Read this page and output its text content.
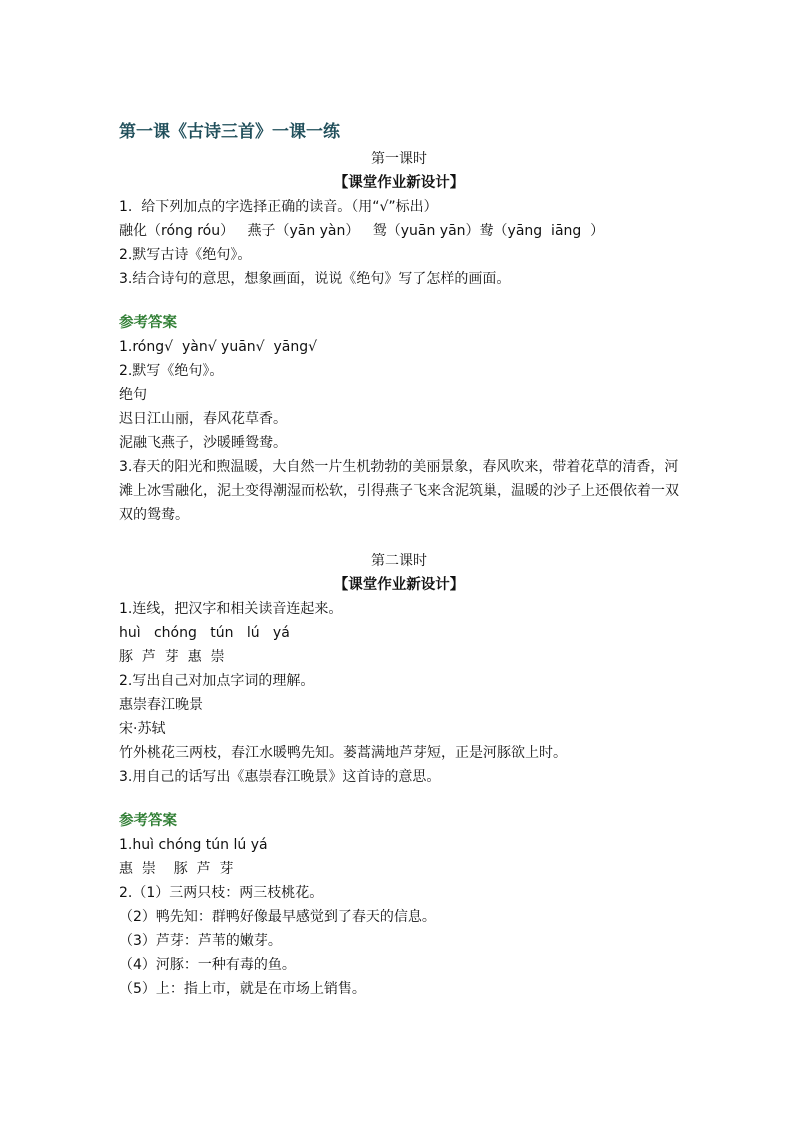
第一课《古诗三首》一课一练
第一课时
【课堂作业新设计】

1.  给下列加点的字选择正确的读音。（用“√”标出）

融化（róng róu）   燕子（yān yàn）   鸳（yuān yān）鸯（yāng  iāng  ）

2.默写古诗《绝句》。

3.结合诗句的意思，想象画面，说说《绝句》写了怎样的画面。

参考答案

1.róng√  yàn√ yuān√  yāng√

2.默写《绝句》。

绝句

迟日江山丽，春风花草香。

泥融飞燕子，沙暖睡鸳鸯。

3.春天的阳光和煦温暖，大自然一片生机勃勃的美丽景象，春风吹来，带着花草的清香，河滩上冰雪融化，泥土变得潮湿而松软，引得燕子飞来含泥筑巢，温暖的沙子上还偎依着一双双的鸳鸯。

第二课时
【课堂作业新设计】

1.连线，把汉字和相关读音连起来。

huì   chóng   tún   lú   yá

豚  芦  芽  惠  崇

2.写出自己对加点字词的理解。

惠崇春江晚景

宋·苏轼

竹外桃花三两枝，春江水暖鸭先知。蒌蒿满地芦芽短，正是河豚欲上时。

3.用自己的话写出《惠崇春江晚景》这首诗的意思。

参考答案

1.huì chóng tún lú yá

惠  崇    豚  芦  芽

2.（1）三两只枝：两三枝桃花。

（2）鸭先知：群鸭好像最早感觉到了春天的信息。

（3）芦芽：芦苇的嫩芽。

（4）河豚：一种有毒的鱼。

（5）上：指上市，就是在市场上销售。
